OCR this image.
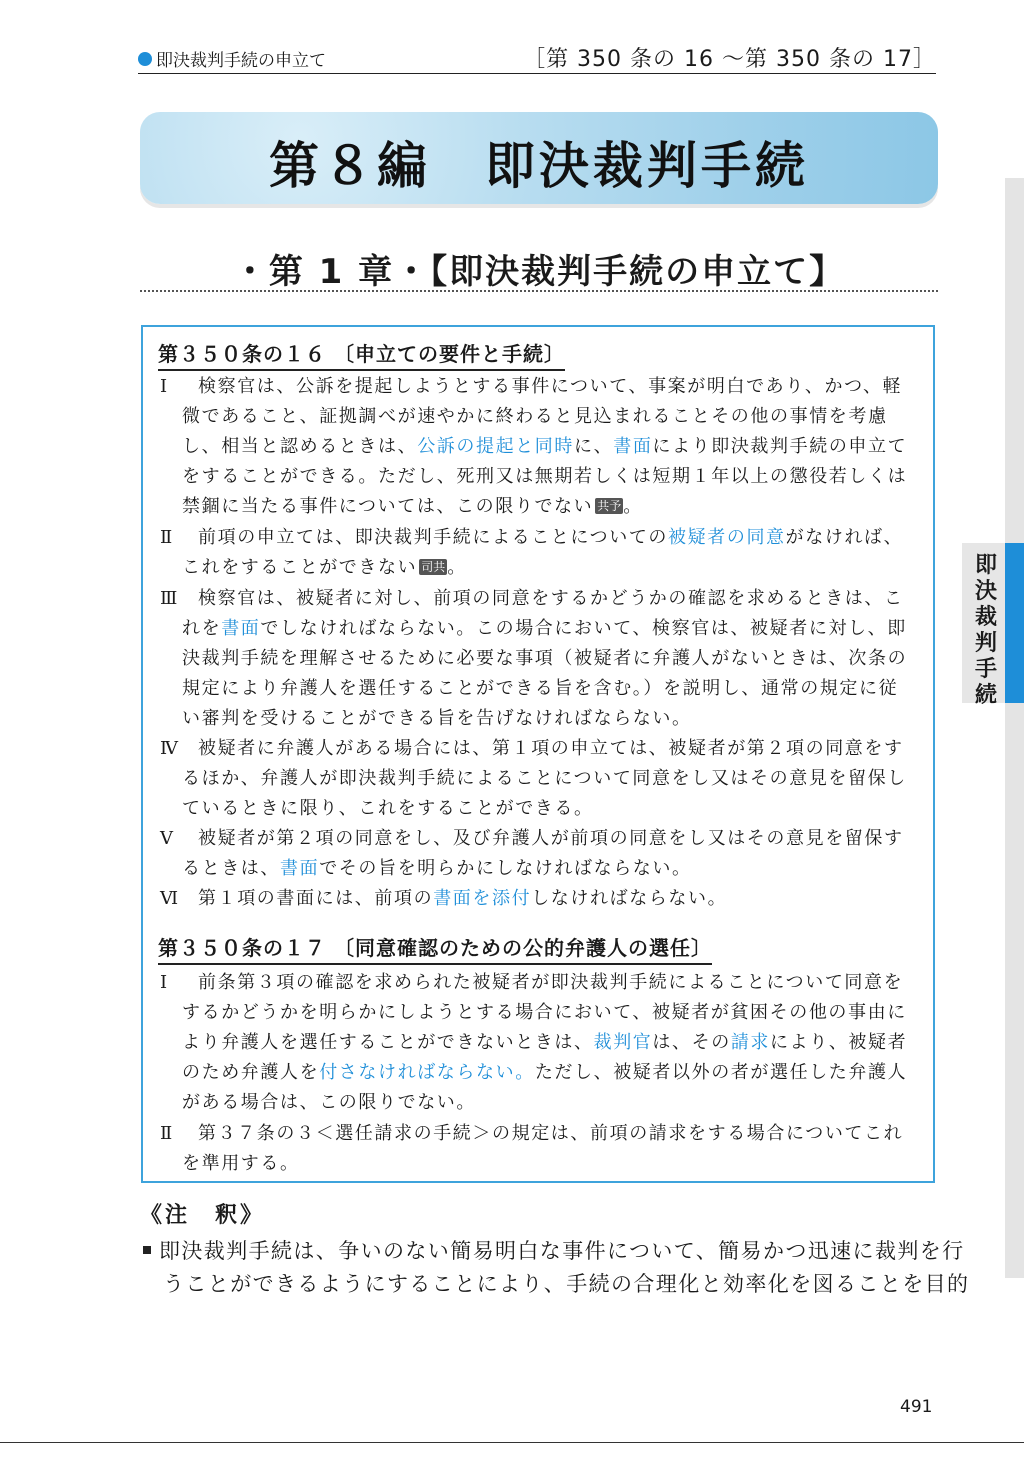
即決裁判手続の申立て	［第 350 条の 16 ～第 350 条の 17］
第８編　即決裁判手続
・第 1 章・【即決裁判手続の申立て】
第３５０条の１６ 〔申立ての要件と手続〕
Ⅰ	検察官は、公訴を提起しようとする事件について、事案が明白であり、かつ、軽
微であること、証拠調べが速やかに終わると見込まれることその他の事情を考慮
し、相当と認めるときは、公訴の提起と同時に、書面により即決裁判手続の申立て
をすることができる。ただし、死刑又は無期若しくは短期１年以上の懲役若しくは
禁錮に当たる事件については、この限りでない 共予 。
Ⅱ	前項の申立ては、即決裁判手続によることについての被疑者の同意がなければ、
これをすることができない 司共 。
Ⅲ	検察官は、被疑者に対し、前項の同意をするかどうかの確認を求めるときは、こ
れを書面でしなければならない。この場合において、検察官は、被疑者に対し、即
決裁判手続を理解させるために必要な事項（被疑者に弁護人がないときは、次条の
規定により弁護人を選任することができる旨を含む。）を説明し、通常の規定に従
い審判を受けることができる旨を告げなければならない。
Ⅳ	被疑者に弁護人がある場合には、第１項の申立ては、被疑者が第２項の同意をす
るほか、弁護人が即決裁判手続によることについて同意をし又はその意見を留保し
ているときに限り、これをすることができる。
Ⅴ	被疑者が第２項の同意をし、及び弁護人が前項の同意をし又はその意見を留保す
るときは、書面でその旨を明らかにしなければならない。
Ⅵ	第１項の書面には、前項の書面を添付しなければならない。
第３５０条の１７ 〔同意確認のための公的弁護人の選任〕
Ⅰ	前条第３項の確認を求められた被疑者が即決裁判手続によることについて同意を
するかどうかを明らかにしようとする場合において、被疑者が貧困その他の事由に
より弁護人を選任することができないときは、裁判官は、その請求により、被疑者
のため弁護人を付さなければならない。ただし、被疑者以外の者が選任した弁護人
がある場合は、この限りでない。
Ⅱ	第３７条の３＜選任請求の手続＞の規定は、前項の請求をする場合についてこれ
を準用する。
《注　釈》
即決裁判手続は、争いのない簡易明白な事件について、簡易かつ迅速に裁判を行
うことができるようにすることにより、手続の合理化と効率化を図ることを目的
即決裁判手続
491
